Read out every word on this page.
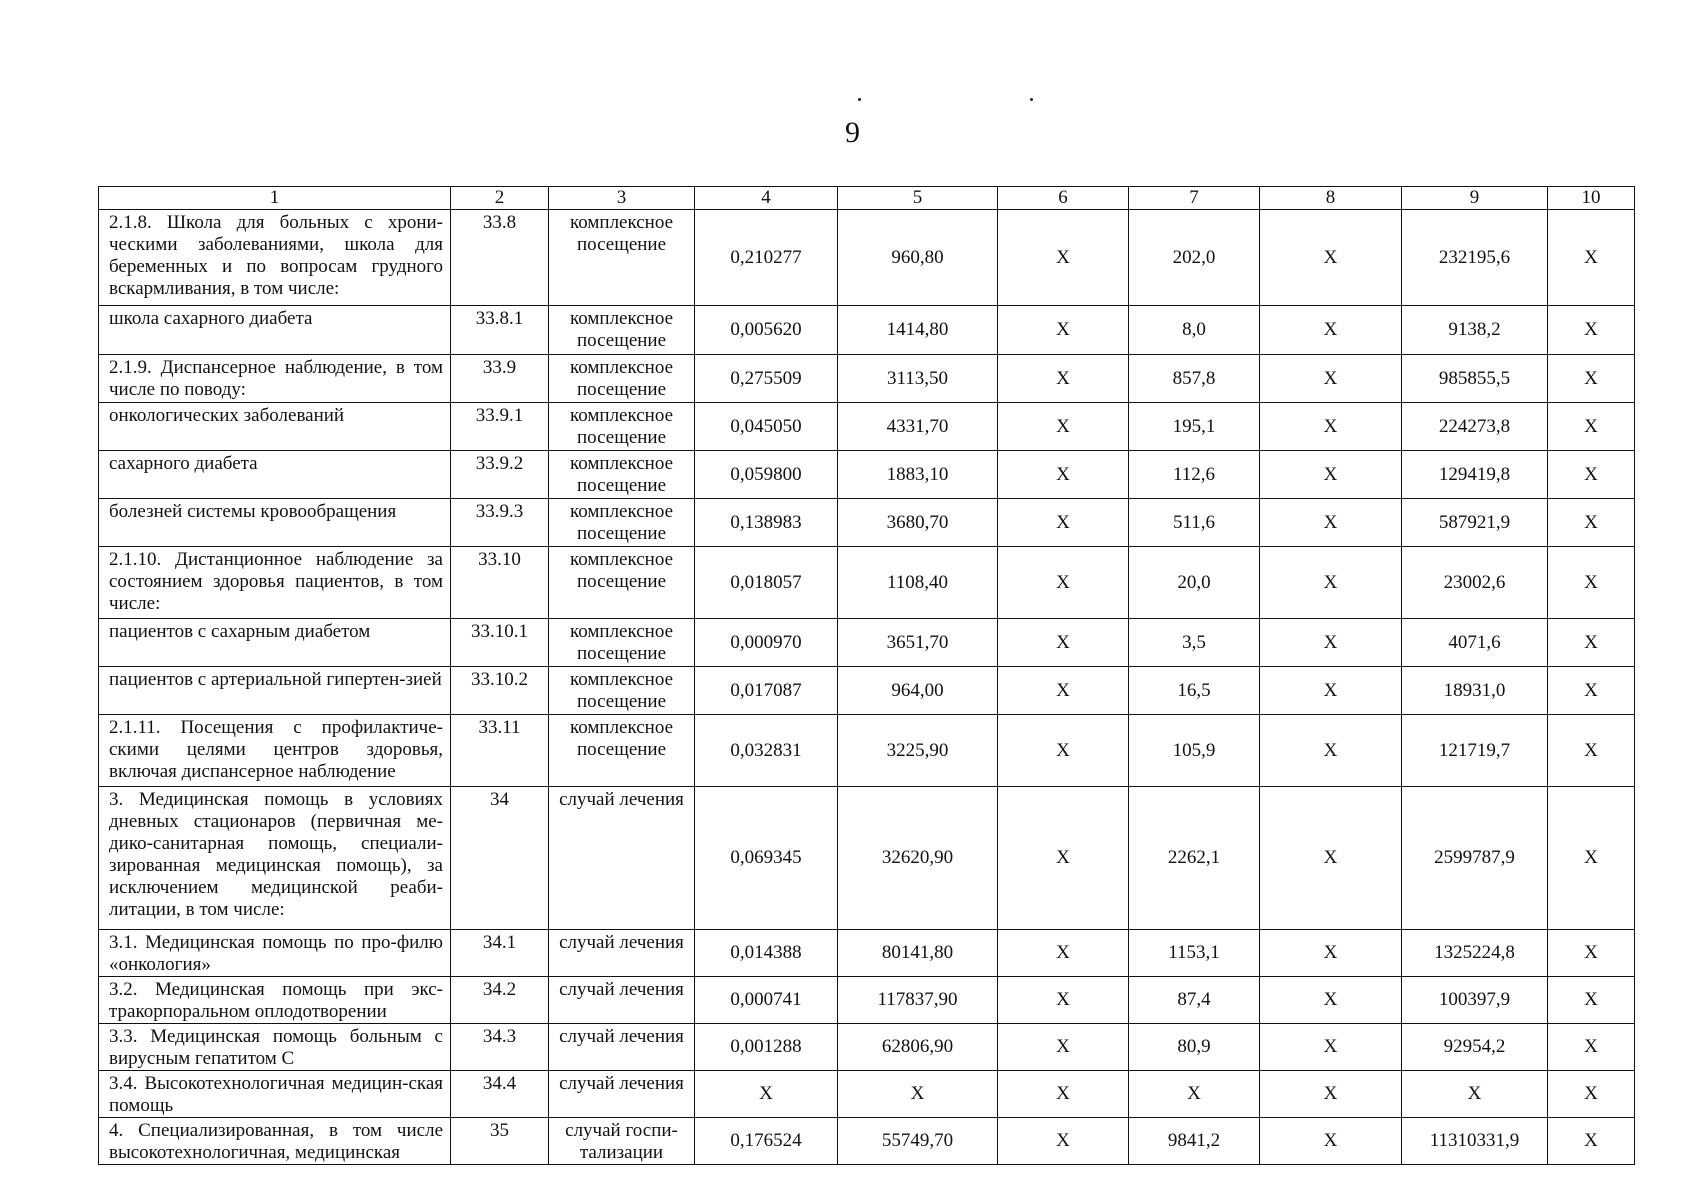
9
1	2	3	4	5	6	7	8	9	10
2.1.8. Школа для больных с хрони-ческими заболеваниями, школа для беременных и по вопросам грудного вскармливания, в том числе:	33.8	комплексное посещение	0,210277	960,80	Х	202,0	Х	232195,6	Х
школа сахарного диабета	33.8.1	комплексное посещение	0,005620	1414,80	Х	8,0	Х	9138,2	Х
2.1.9. Диспансерное наблюдение, в том числе по поводу:	33.9	комплексное посещение	0,275509	3113,50	Х	857,8	Х	985855,5	Х
онкологических заболеваний	33.9.1	комплексное посещение	0,045050	4331,70	Х	195,1	Х	224273,8	Х
сахарного диабета	33.9.2	комплексное посещение	0,059800	1883,10	Х	112,6	Х	129419,8	Х
болезней системы кровообращения	33.9.3	комплексное посещение	0,138983	3680,70	Х	511,6	Х	587921,9	Х
2.1.10. Дистанционное наблюдение за состоянием здоровья пациентов, в том числе:	33.10	комплексное посещение	0,018057	1108,40	Х	20,0	Х	23002,6	Х
пациентов с сахарным диабетом	33.10.1	комплексное посещение	0,000970	3651,70	Х	3,5	Х	4071,6	Х
пациентов с артериальной гипертен-зией	33.10.2	комплексное посещение	0,017087	964,00	Х	16,5	Х	18931,0	Х
2.1.11. Посещения с профилактиче-скими целями центров здоровья, включая диспансерное наблюдение	33.11	комплексное посещение	0,032831	3225,90	Х	105,9	Х	121719,7	Х
3. Медицинская помощь в условиях дневных стационаров (первичная ме-дико-санитарная помощь, специали-зированная медицинская помощь), за исключением медицинской реаби-литации, в том числе:	34	случай лечения	0,069345	32620,90	Х	2262,1	Х	2599787,9	Х
3.1. Медицинская помощь по про-филю «онкология»	34.1	случай лечения	0,014388	80141,80	Х	1153,1	Х	1325224,8	Х
3.2. Медицинская помощь при экс-тракорпоральном оплодотворении	34.2	случай лечения	0,000741	117837,90	Х	87,4	Х	100397,9	Х
3.3. Медицинская помощь больным с вирусным гепатитом С	34.3	случай лечения	0,001288	62806,90	Х	80,9	Х	92954,2	Х
3.4. Высокотехнологичная медицин-ская помощь	34.4	случай лечения	Х	Х	Х	Х	Х	Х	Х
4. Специализированная, в том числе высокотехнологичная, медицинская	35	случай госпи-тализации	0,176524	55749,70	Х	9841,2	Х	11310331,9	Х
